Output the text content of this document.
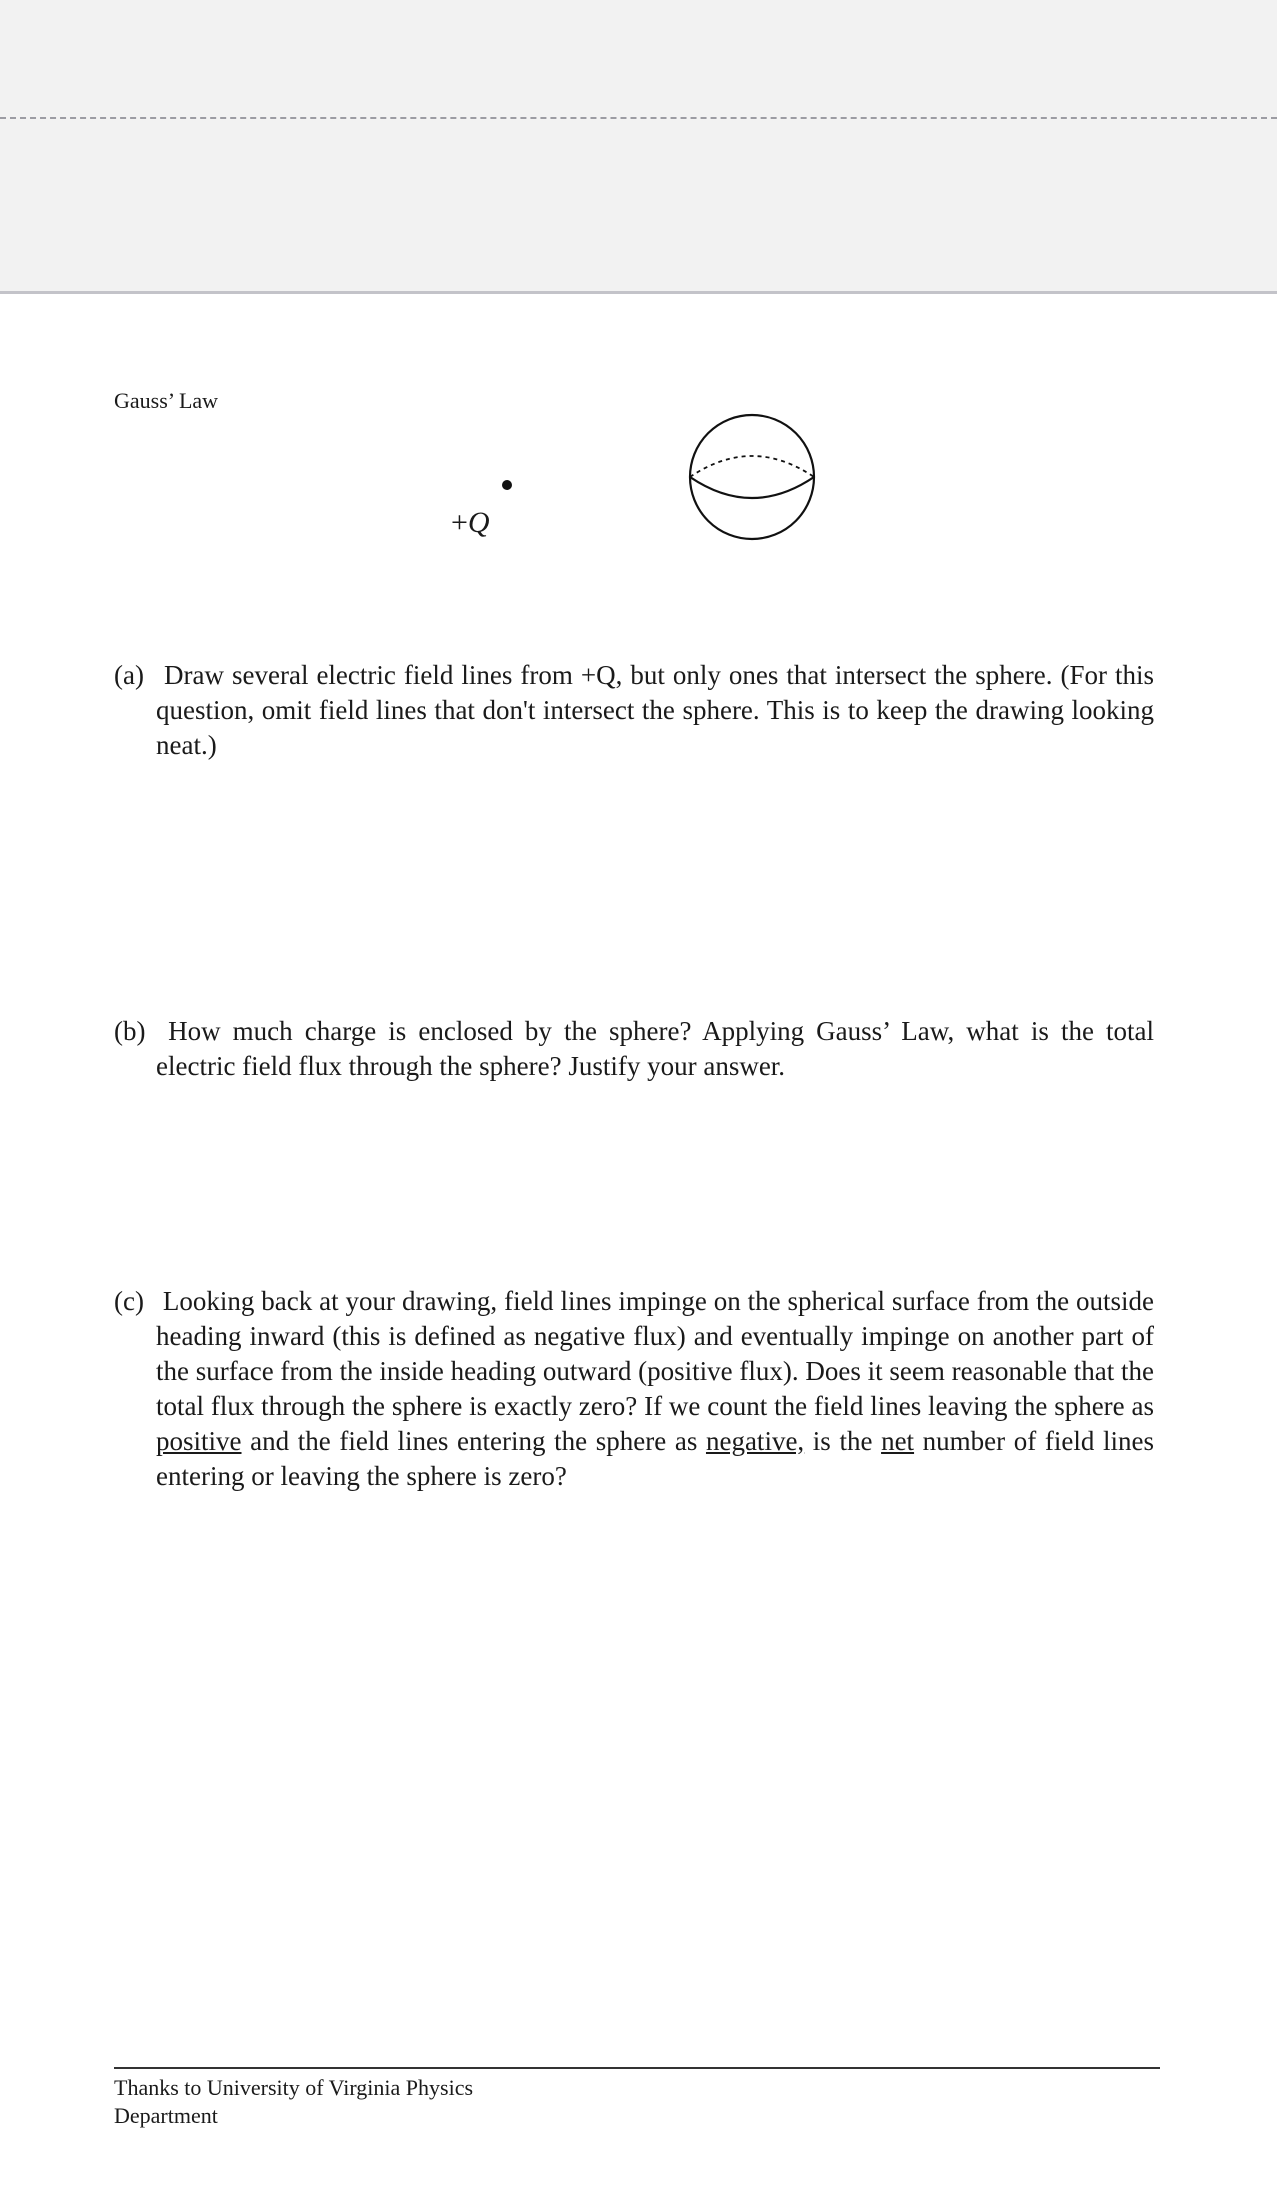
Gauss’ Law

+Q

(a) Draw several electric field lines from +Q, but only ones that intersect the sphere. (For this question, omit field lines that don't intersect the sphere. This is to keep the drawing looking neat.)

(b) How much charge is enclosed by the sphere? Applying Gauss’ Law, what is the total electric field flux through the sphere? Justify your answer.

(c) Looking back at your drawing, field lines impinge on the spherical surface from the outside heading inward (this is defined as negative flux) and eventually impinge on another part of the surface from the inside heading outward (positive flux). Does it seem reasonable that the total flux through the sphere is exactly zero? If we count the field lines leaving the sphere as positive and the field lines entering the sphere as negative, is the net number of field lines entering or leaving the sphere is zero?

Thanks to University of Virginia Physics Department
